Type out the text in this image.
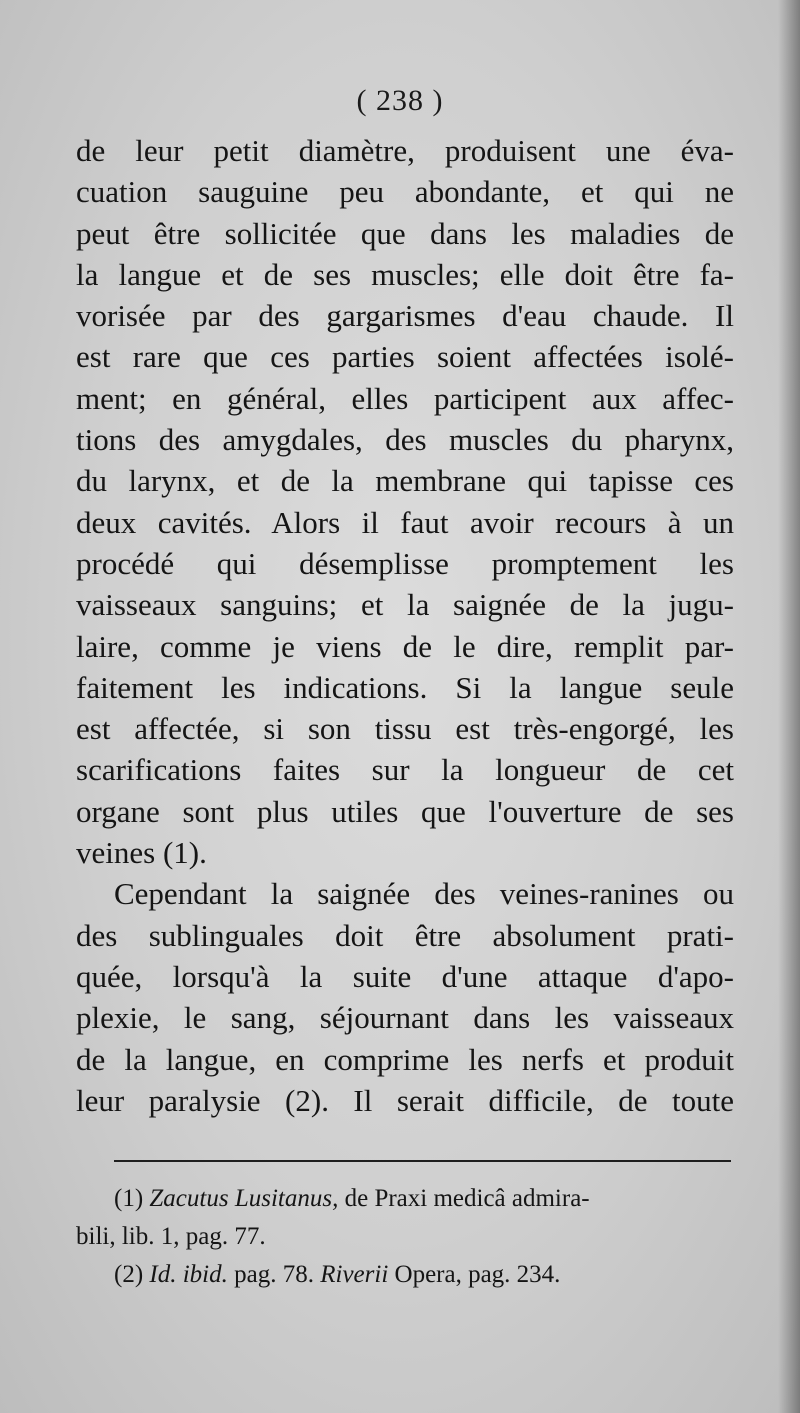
( 238 )
de leur petit diamètre, produisent une éva-
cuation sauguine peu abondante, et qui ne
peut être sollicitée que dans les maladies de
la langue et de ses muscles; elle doit être fa-
vorisée par des gargarismes d'eau chaude. Il
est rare que ces parties soient affectées isolé-
ment; en général, elles participent aux affec-
tions des amygdales, des muscles du pharynx,
du larynx, et de la membrane qui tapisse ces
deux cavités. Alors il faut avoir recours à un
procédé qui désemplisse promptement les
vaisseaux sanguins; et la saignée de la jugu-
laire, comme je viens de le dire, remplit par-
faitement les indications. Si la langue seule
est affectée, si son tissu est très-engorgé, les
scarifications faites sur la longueur de cet
organe sont plus utiles que l'ouverture de ses
veines (1).
Cependant la saignée des veines-ranines ou
des sublinguales doit être absolument prati-
quée, lorsqu'à la suite d'une attaque d'apo-
plexie, le sang, séjournant dans les vaisseaux
de la langue, en comprime les nerfs et produit
leur paralysie (2). Il serait difficile, de toute
(1) Zacutus Lusitanus, de Praxi medicâ admira-
bili, lib. 1, pag. 77.
(2) Id. ibid. pag. 78. Riverii Opera, pag. 234.
